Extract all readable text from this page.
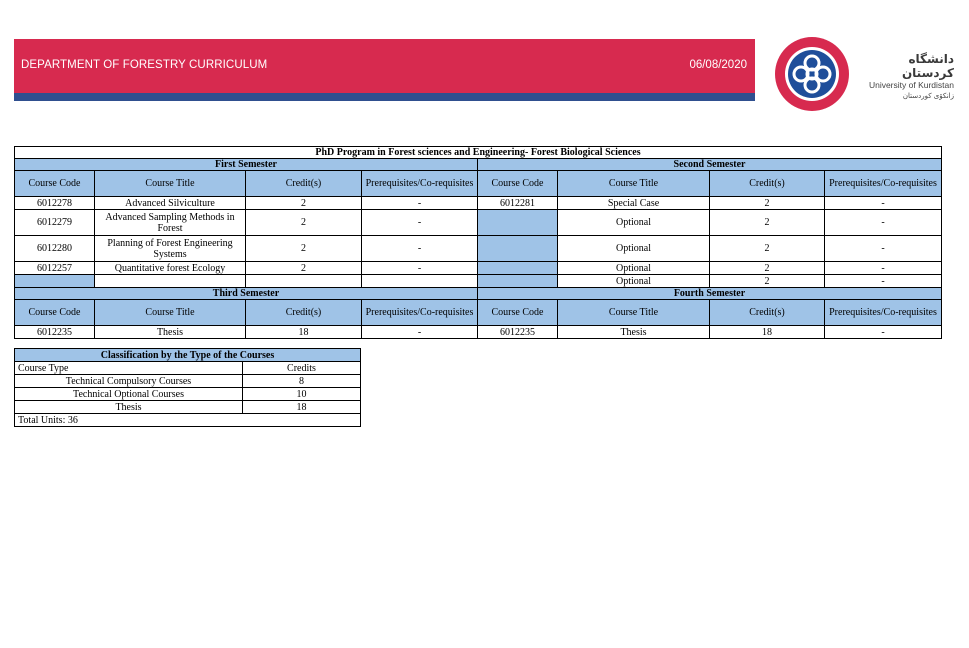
DEPARTMENT OF FORESTRY CURRICULUM	06/08/2020	دانشگاه کردستان
University of Kurdistan
زانکۆی کوردستان
PhD Program in Forest sciences and Engineering- Forest Biological Sciences							
First Semester				Second Semester			
Course Code	Course Title	Credit(s)	Prerequisites/Co-requisites	Course Code	Course Title	Credit(s)	Prerequisites/Co-requisites
6012278	Advanced Silviculture	2	-	6012281	Special Case	2	-
6012279	Advanced Sampling Methods in Forest	2	-		Optional	2	-
6012280	Planning of Forest Engineering Systems	2	-		Optional	2	-
6012257	Quantitative forest Ecology	2	-		Optional	2	-
					Optional	2	-
Third Semester				Fourth Semester			
Course Code	Course Title	Credit(s)	Prerequisites/Co-requisites	Course Code	Course Title	Credit(s)	Prerequisites/Co-requisites
6012235	Thesis	18	-	6012235	Thesis	18	-
Classification by the Type of the Courses	
Course Type	Credits
Technical Compulsory Courses	8
Technical Optional Courses	10
Thesis	18
Total Units: 36	
